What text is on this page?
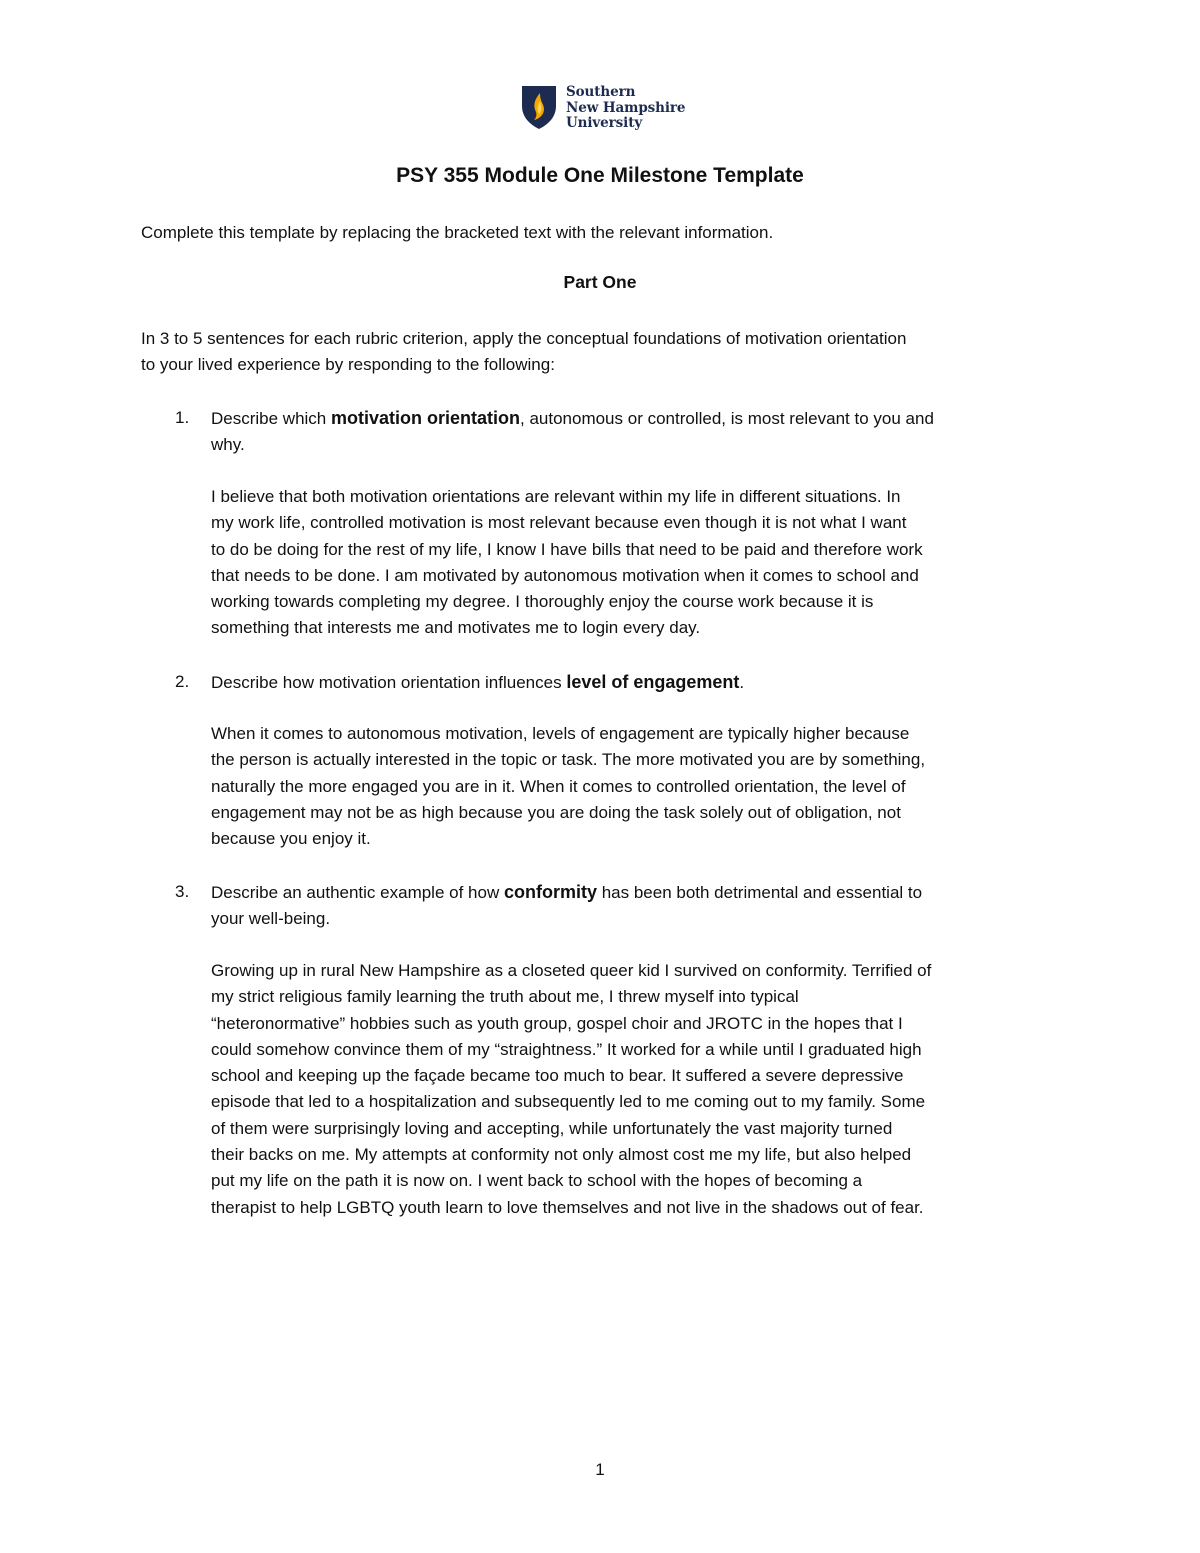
Southern
New Hampshire
University
PSY 355 Module One Milestone Template
Complete this template by replacing the bracketed text with the relevant information.
Part One
In 3 to 5 sentences for each rubric criterion, apply the conceptual foundations of motivation orientation
to your lived experience by responding to the following:
1. Describe which motivation orientation, autonomous or controlled, is most relevant to you and
why.
I believe that both motivation orientations are relevant within my life in different situations. In
my work life, controlled motivation is most relevant because even though it is not what I want
to do be doing for the rest of my life, I know I have bills that need to be paid and therefore work
that needs to be done. I am motivated by autonomous motivation when it comes to school and
working towards completing my degree. I thoroughly enjoy the course work because it is
something that interests me and motivates me to login every day.
2. Describe how motivation orientation influences level of engagement.
When it comes to autonomous motivation, levels of engagement are typically higher because
the person is actually interested in the topic or task. The more motivated you are by something,
naturally the more engaged you are in it. When it comes to controlled orientation, the level of
engagement may not be as high because you are doing the task solely out of obligation, not
because you enjoy it.
3. Describe an authentic example of how conformity has been both detrimental and essential to
your well-being.
Growing up in rural New Hampshire as a closeted queer kid I survived on conformity. Terrified of
my strict religious family learning the truth about me, I threw myself into typical
“heteronormative” hobbies such as youth group, gospel choir and JROTC in the hopes that I
could somehow convince them of my “straightness.” It worked for a while until I graduated high
school and keeping up the façade became too much to bear. It suffered a severe depressive
episode that led to a hospitalization and subsequently led to me coming out to my family. Some
of them were surprisingly loving and accepting, while unfortunately the vast majority turned
their backs on me. My attempts at conformity not only almost cost me my life, but also helped
put my life on the path it is now on. I went back to school with the hopes of becoming a
therapist to help LGBTQ youth learn to love themselves and not live in the shadows out of fear.
1
